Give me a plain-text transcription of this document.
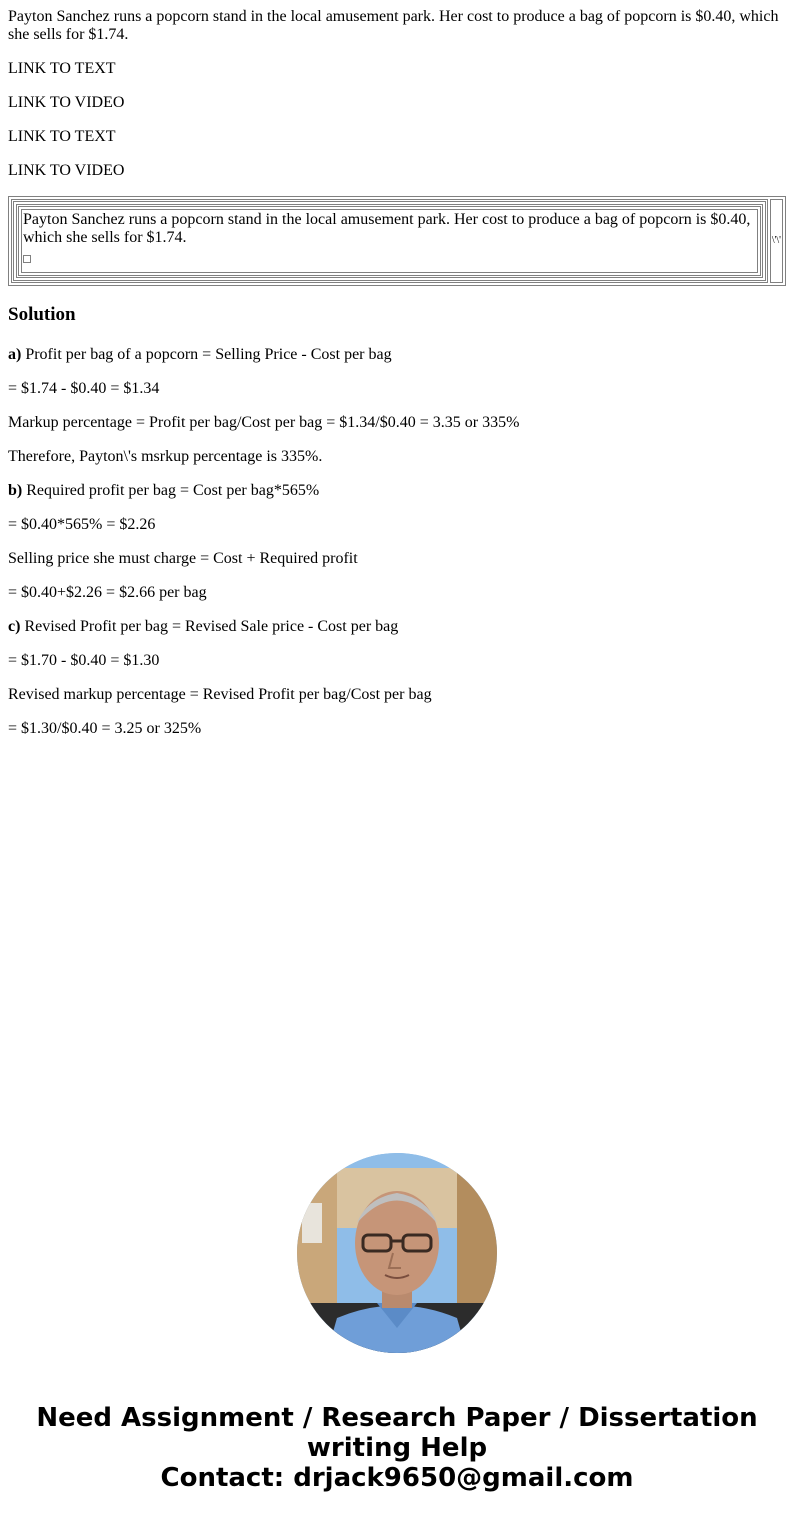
Payton Sanchez runs a popcorn stand in the local amusement park. Her cost to produce a bag of popcorn is $0.40, which she sells for $1.74.

LINK TO TEXT

LINK TO VIDEO

LINK TO TEXT

LINK TO VIDEO

Payton Sanchez runs a popcorn stand in the local amusement park. Her cost to produce a bag of popcorn is $0.40, which she sells for $1.74.
		\'\'
Solution

a) Profit per bag of a popcorn = Selling Price - Cost per bag

= $1.74 - $0.40 = $1.34

Markup percentage = Profit per bag/Cost per bag = $1.34/$0.40 = 3.35 or 335%

Therefore, Payton\'s msrkup percentage is 335%.

b) Required profit per bag = Cost per bag*565%

= $0.40*565% = $2.26

Selling price she must charge = Cost + Required profit

= $0.40+$2.26 = $2.66 per bag

c) Revised Profit per bag = Revised Sale price - Cost per bag

= $1.70 - $0.40 = $1.30

Revised markup percentage = Revised Profit per bag/Cost per bag

= $1.30/$0.40 = 3.25 or 325%

Need Assignment / Research Paper / Dissertation
writing Help
Contact: drjack9650@gmail.com
